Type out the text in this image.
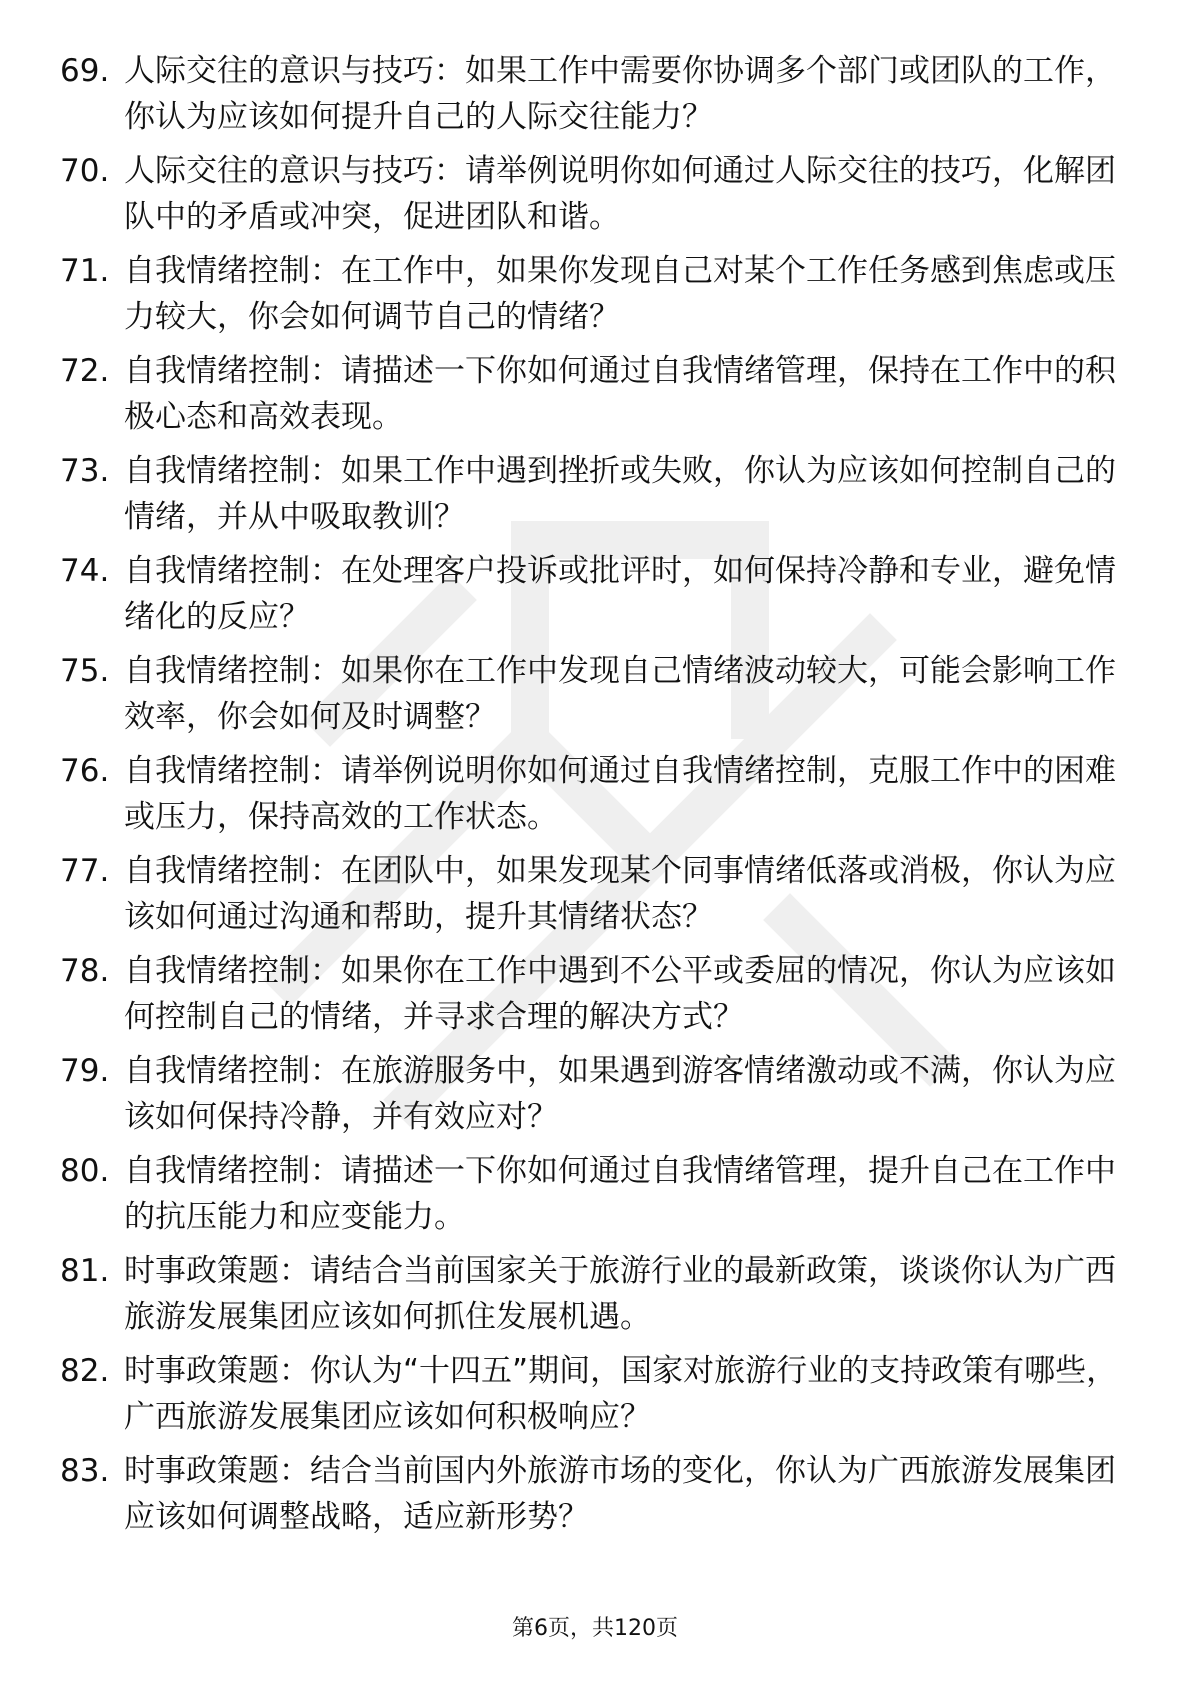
69. 人际交往的意识与技巧：如果工作中需要你协调多个部门或团队的工作，你认为应该如何提升自己的人际交往能力？
70. 人际交往的意识与技巧：请举例说明你如何通过人际交往的技巧，化解团队中的矛盾或冲突，促进团队和谐。
71. 自我情绪控制：在工作中，如果你发现自己对某个工作任务感到焦虑或压力较大，你会如何调节自己的情绪？
72. 自我情绪控制：请描述一下你如何通过自我情绪管理，保持在工作中的积极心态和高效表现。
73. 自我情绪控制：如果工作中遇到挫折或失败，你认为应该如何控制自己的情绪，并从中吸取教训？
74. 自我情绪控制：在处理客户投诉或批评时，如何保持冷静和专业，避免情绪化的反应？
75. 自我情绪控制：如果你在工作中发现自己情绪波动较大，可能会影响工作效率，你会如何及时调整？
76. 自我情绪控制：请举例说明你如何通过自我情绪控制，克服工作中的困难或压力，保持高效的工作状态。
77. 自我情绪控制：在团队中，如果发现某个同事情绪低落或消极，你认为应该如何通过沟通和帮助，提升其情绪状态？
78. 自我情绪控制：如果你在工作中遇到不公平或委屈的情况，你认为应该如何控制自己的情绪，并寻求合理的解决方式？
79. 自我情绪控制：在旅游服务中，如果遇到游客情绪激动或不满，你认为应该如何保持冷静，并有效应对？
80. 自我情绪控制：请描述一下你如何通过自我情绪管理，提升自己在工作中的抗压能力和应变能力。
81. 时事政策题：请结合当前国家关于旅游行业的最新政策，谈谈你认为广西旅游发展集团应该如何抓住发展机遇。
82. 时事政策题：你认为“十四五”期间，国家对旅游行业的支持政策有哪些，广西旅游发展集团应该如何积极响应？
83. 时事政策题：结合当前国内外旅游市场的变化，你认为广西旅游发展集团应该如何调整战略，适应新形势？
第6页，共120页
